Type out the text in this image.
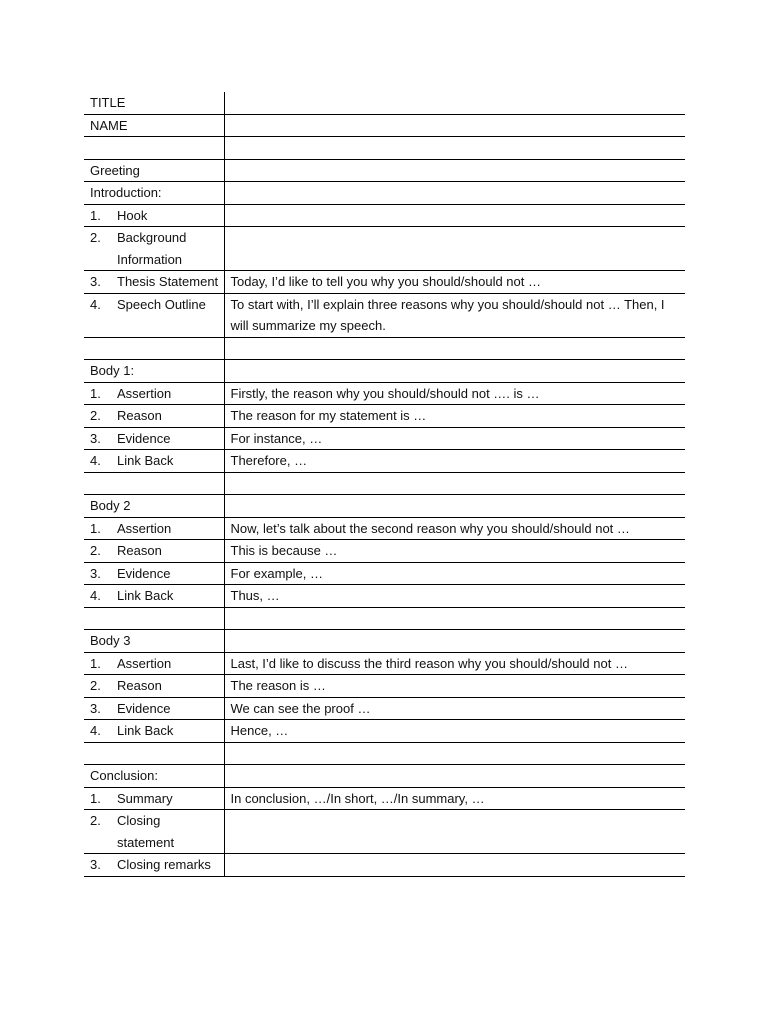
TITLE	

NAME	

Greeting	

Introduction:	

1. Hook	

2. Background Information	

3. Thesis Statement	Today, I’d like to tell you why you should/should not …

4. Speech Outline	To start with, I’ll explain three reasons why you should/should not … Then, I will summarize my speech.

Body 1:	

1. Assertion	Firstly, the reason why you should/should not …. is …

2. Reason	The reason for my statement is …

3. Evidence	For instance, …

4. Link Back	Therefore, …

Body 2	

1. Assertion	Now, let’s talk about the second reason why you should/should not …

2. Reason	This is because …

3. Evidence	For example, …

4. Link Back	Thus, …

Body 3	

1. Assertion	Last, I’d like to discuss the third reason why you should/should not …

2. Reason	The reason is …

3. Evidence	We can see the proof …

4. Link Back	Hence, …

Conclusion:	

1. Summary	In conclusion, …/In short, …/In summary, …

2. Closing statement	

3. Closing remarks	
